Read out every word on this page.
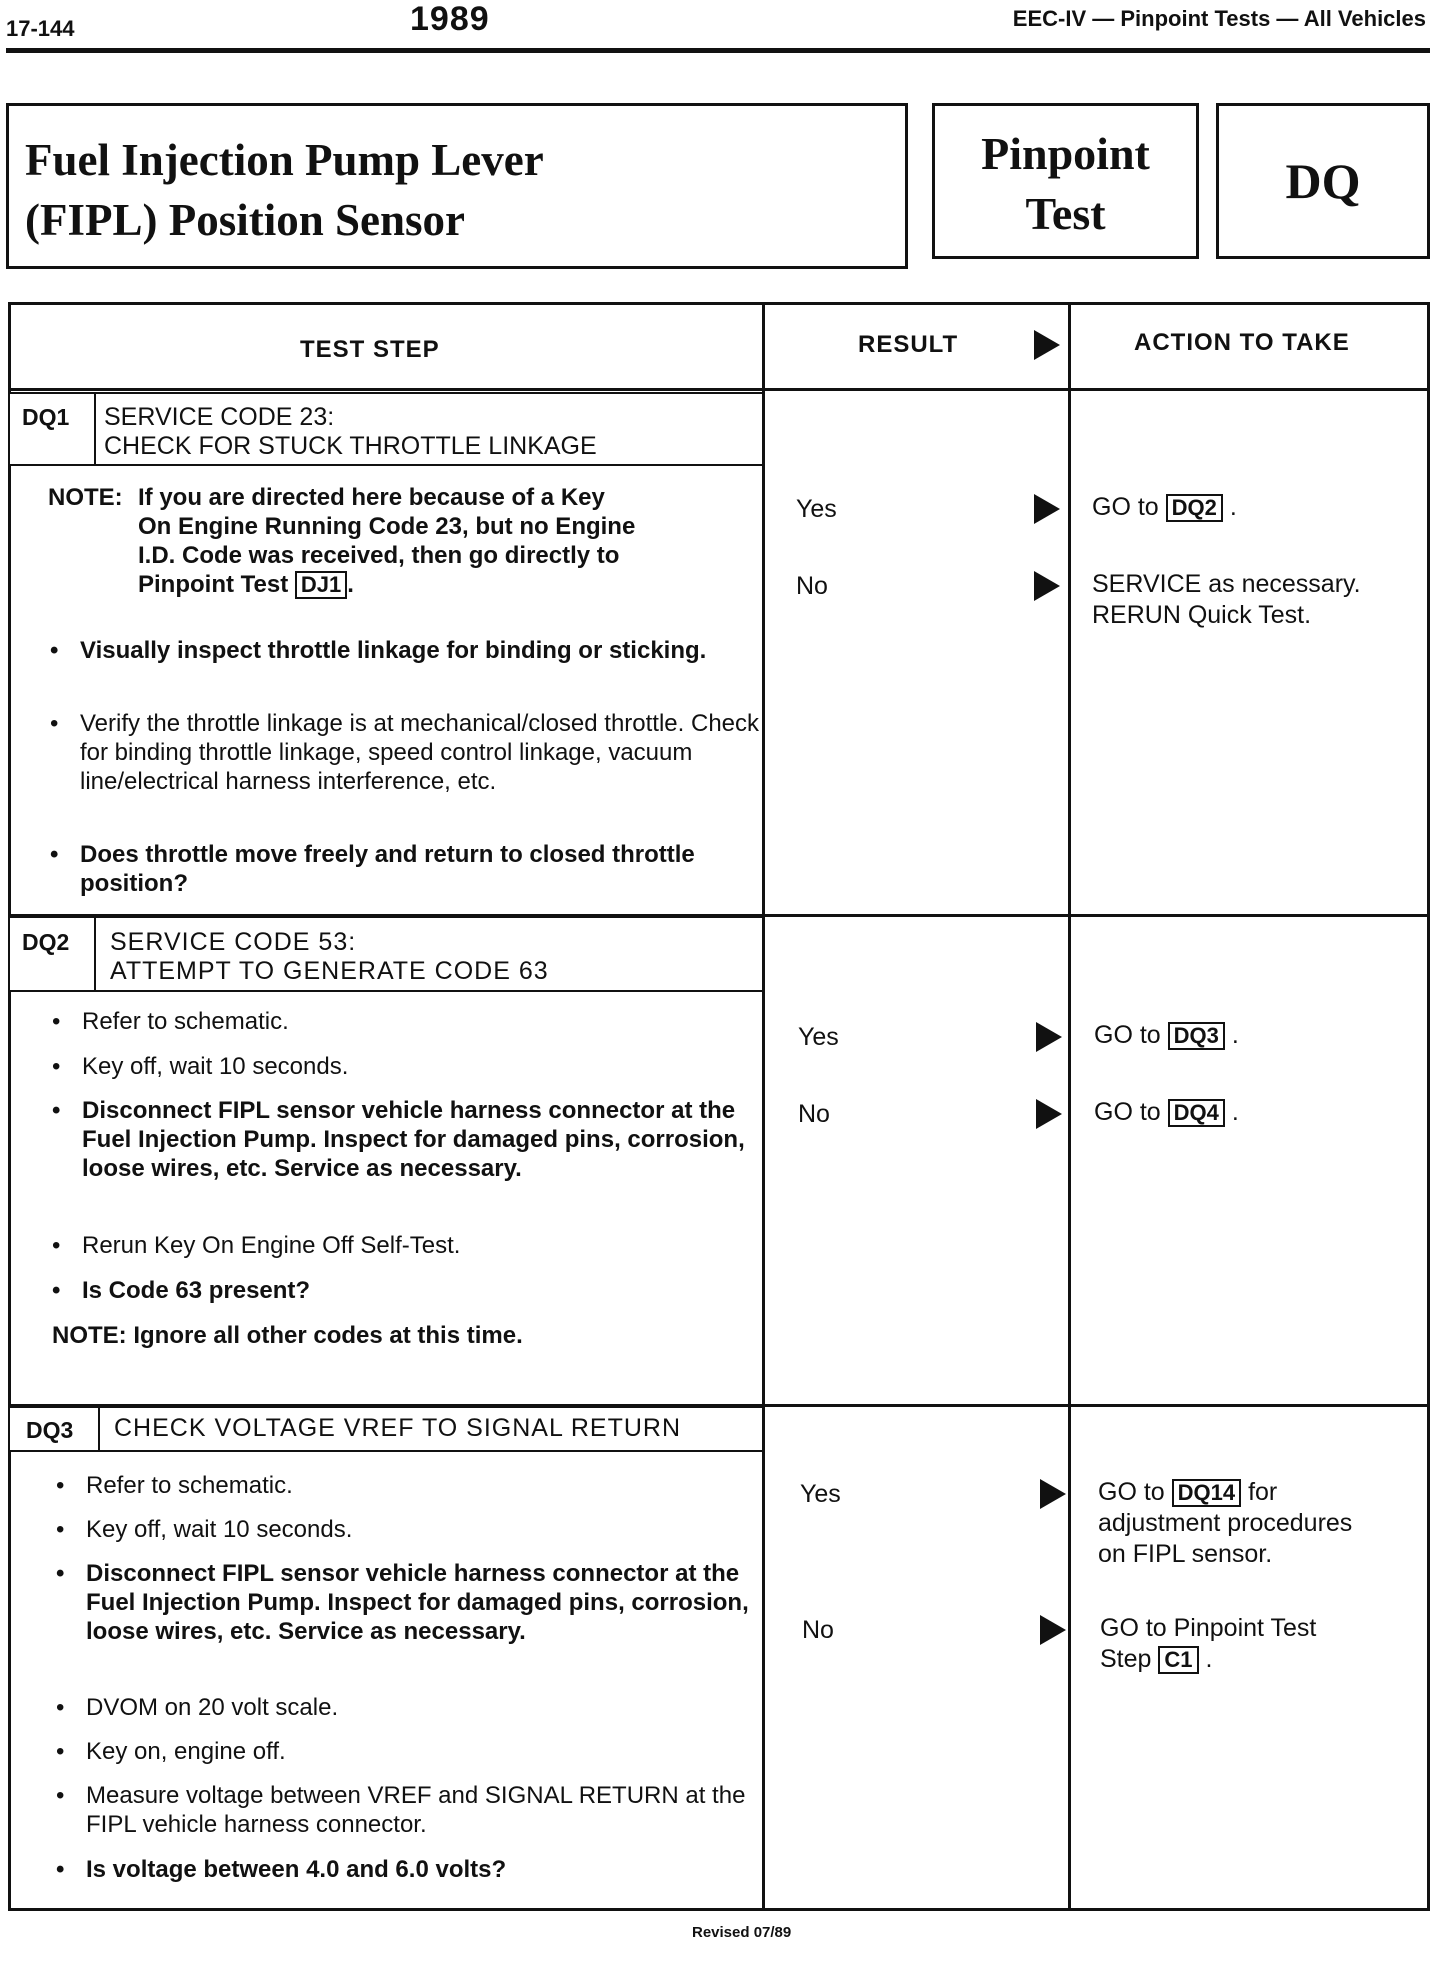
17-144	1989	EEC-IV — Pinpoint Tests — All Vehicles
Fuel Injection Pump Lever
(FIPL) Position Sensor
Pinpoint
Test
DQ
TEST STEP	RESULT	ACTION TO TAKE
DQ1 SERVICE CODE 23:
CHECK FOR STUCK THROTTLE LINKAGE
NOTE: If you are directed here because of a Key
On Engine Running Code 23, but no Engine
I.D. Code was received, then go directly to
Pinpoint Test DJ1 .
• Visually inspect throttle linkage for binding or sticking.
• Verify the throttle linkage is at mechanical/closed throttle. Check for binding throttle linkage, speed control linkage, vacuum line/electrical harness interference, etc.
• Does throttle move freely and return to closed throttle position?
Yes	GO to DQ2 .
No	SERVICE as necessary.
RERUN Quick Test.
DQ2 SERVICE CODE 53:
ATTEMPT TO GENERATE CODE 63
• Refer to schematic.
• Key off, wait 10 seconds.
• Disconnect FIPL sensor vehicle harness connector at the Fuel Injection Pump. Inspect for damaged pins, corrosion, loose wires, etc. Service as necessary.
• Rerun Key On Engine Off Self-Test.
• Is Code 63 present?
NOTE: Ignore all other codes at this time.
Yes	GO to DQ3 .
No	GO to DQ4 .
DQ3 CHECK VOLTAGE VREF TO SIGNAL RETURN
• Refer to schematic.
• Key off, wait 10 seconds.
• Disconnect FIPL sensor vehicle harness connector at the Fuel Injection Pump. Inspect for damaged pins, corrosion, loose wires, etc. Service as necessary.
• DVOM on 20 volt scale.
• Key on, engine off.
• Measure voltage between VREF and SIGNAL RETURN at the FIPL vehicle harness connector.
• Is voltage between 4.0 and 6.0 volts?
Yes	GO to DQ14 for
adjustment procedures
on FIPL sensor.
No	GO to Pinpoint Test
Step C1 .
Revised 07/89
